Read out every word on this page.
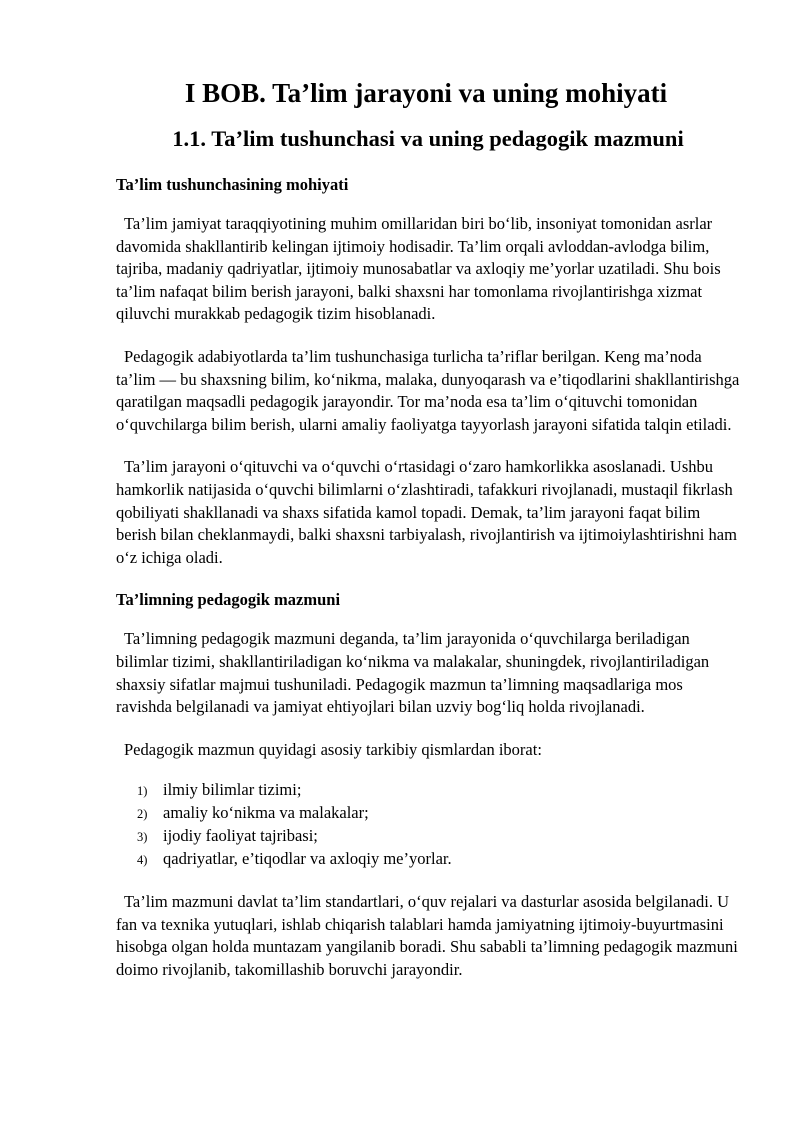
I BOB. Ta’lim jarayoni va uning mohiyati
1.1. Ta’lim tushunchasi va uning pedagogik mazmuni
Ta’lim tushunchasining mohiyati

Ta’lim jamiyat taraqqiyotining muhim omillaridan biri bo‘lib, insoniyat tomonidan asrlar davomida shakllantirib kelingan ijtimoiy hodisadir. Ta’lim orqali avloddan-avlodga bilim, tajriba, madaniy qadriyatlar, ijtimoiy munosabatlar va axloqiy me’yorlar uzatiladi. Shu bois ta’lim nafaqat bilim berish jarayoni, balki shaxsni har tomonlama rivojlantirishga xizmat qiluvchi murakkab pedagogik tizim hisoblanadi.

Pedagogik adabiyotlarda ta’lim tushunchasiga turlicha ta’riflar berilgan. Keng ma’noda ta’lim — bu shaxsning bilim, ko‘nikma, malaka, dunyoqarash va e’tiqodlarini shakllantirishga qaratilgan maqsadli pedagogik jarayondir. Tor ma’noda esa ta’lim o‘qituvchi tomonidan o‘quvchilarga bilim berish, ularni amaliy faoliyatga tayyorlash jarayoni sifatida talqin etiladi.

Ta’lim jarayoni o‘qituvchi va o‘quvchi o‘rtasidagi o‘zaro hamkorlikka asoslanadi. Ushbu hamkorlik natijasida o‘quvchi bilimlarni o‘zlashtiradi, tafakkuri rivojlanadi, mustaqil fikrlash qobiliyati shakllanadi va shaxs sifatida kamol topadi. Demak, ta’lim jarayoni faqat bilim berish bilan cheklanmaydi, balki shaxsni tarbiyalash, rivojlantirish va ijtimoiylashtirishni ham o‘z ichiga oladi.

Ta’limning pedagogik mazmuni

Ta’limning pedagogik mazmuni deganda, ta’lim jarayonida o‘quvchilarga beriladigan bilimlar tizimi, shakllantiriladigan ko‘nikma va malakalar, shuningdek, rivojlantiriladigan shaxsiy sifatlar majmui tushuniladi. Pedagogik mazmun ta’limning maqsadlariga mos ravishda belgilanadi va jamiyat ehtiyojlari bilan uzviy bog‘liq holda rivojlanadi.

Pedagogik mazmun quyidagi asosiy tarkibiy qismlardan iborat:

1) ilmiy bilimlar tizimi;
2) amaliy ko‘nikma va malakalar;
3) ijodiy faoliyat tajribasi;
4) qadriyatlar, e’tiqodlar va axloqiy me’yorlar.

Ta’lim mazmuni davlat ta’lim standartlari, o‘quv rejalari va dasturlar asosida belgilanadi. U fan va texnika yutuqlari, ishlab chiqarish talablari hamda jamiyatning ijtimoiy-buyurtmasini hisobga olgan holda muntazam yangilanib boradi. Shu sababli ta’limning pedagogik mazmuni doimo rivojlanib, takomillashib boruvchi jarayondir.
